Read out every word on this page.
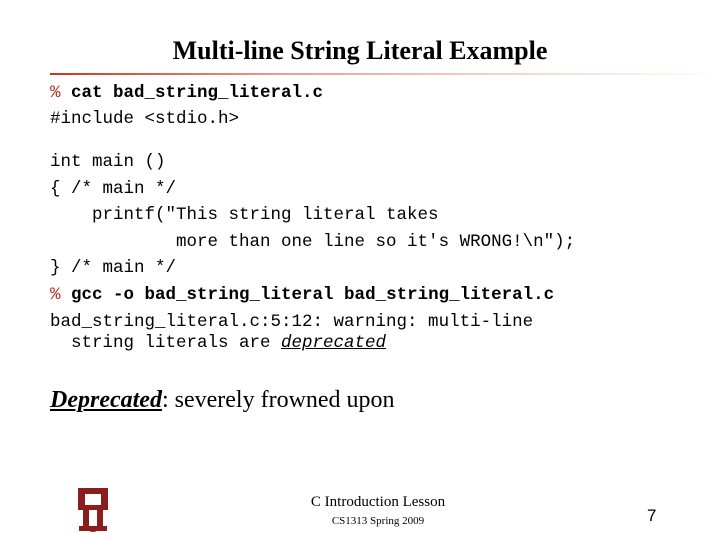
Multi-line String Literal Example
% cat bad_string_literal.c
#include <stdio.h>
int main ()
{ /* main */
printf("This string literal takes
more than one line so it's WRONG!\n");
} /* main */
% gcc -o bad_string_literal bad_string_literal.c
bad_string_literal.c:5:12: warning: multi-line
string literals are deprecated
Deprecated: severely frowned upon
C Introduction Lesson
CS1313 Spring 2009	7
